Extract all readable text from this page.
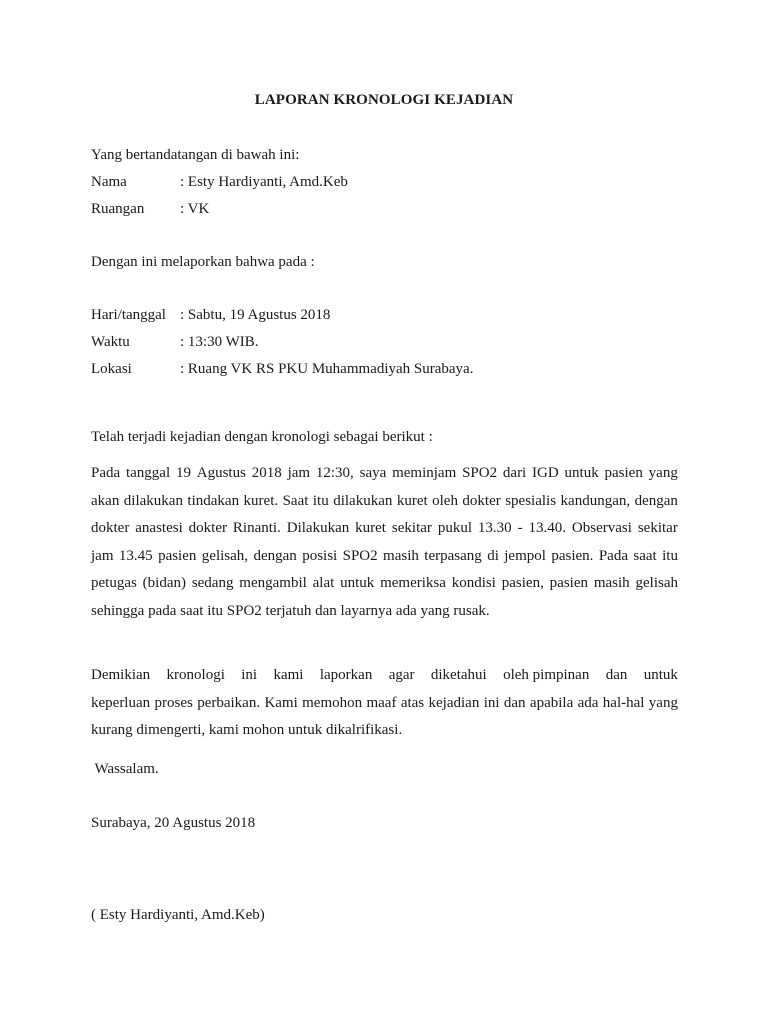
LAPORAN KRONOLOGI KEJADIAN
Yang bertandatangan di bawah ini:
Nama	: Esty Hardiyanti, Amd.Keb
Ruangan : VK
Dengan ini melaporkan bahwa pada :
Hari/tanggal : Sabtu, 19 Agustus 2018
Waktu	: 13:30 WIB.
Lokasi	: Ruang VK RS PKU Muhammadiyah Surabaya.
Telah terjadi kejadian dengan kronologi sebagai berikut :
Pada tanggal 19 Agustus 2018 jam 12:30, saya meminjam SPO2 dari IGD untuk pasien yang
akan dilakukan tindakan kuret. Saat itu dilakukan kuret oleh dokter spesialis kandungan, dengan
dokter anastesi dokter Rinanti. Dilakukan kuret sekitar pukul 13.30 - 13.40. Observasi sekitar
jam 13.45 pasien gelisah, dengan posisi SPO2 masih terpasang di jempol pasien. Pada saat itu
petugas (bidan) sedang mengambil alat untuk memeriksa kondisi pasien, pasien masih gelisah
sehingga pada saat itu SPO2 terjatuh dan layarnya ada yang rusak.
Demikian kronologi ini kami laporkan agar diketahui oleh pimpinan dan untuk
keperluan proses perbaikan. Kami memohon maaf atas kejadian ini dan apabila ada hal-hal yang
kurang dimengerti, kami mohon untuk dikalrifikasi.
Wassalam.
Surabaya, 20 Agustus 2018
( Esty Hardiyanti, Amd.Keb)
